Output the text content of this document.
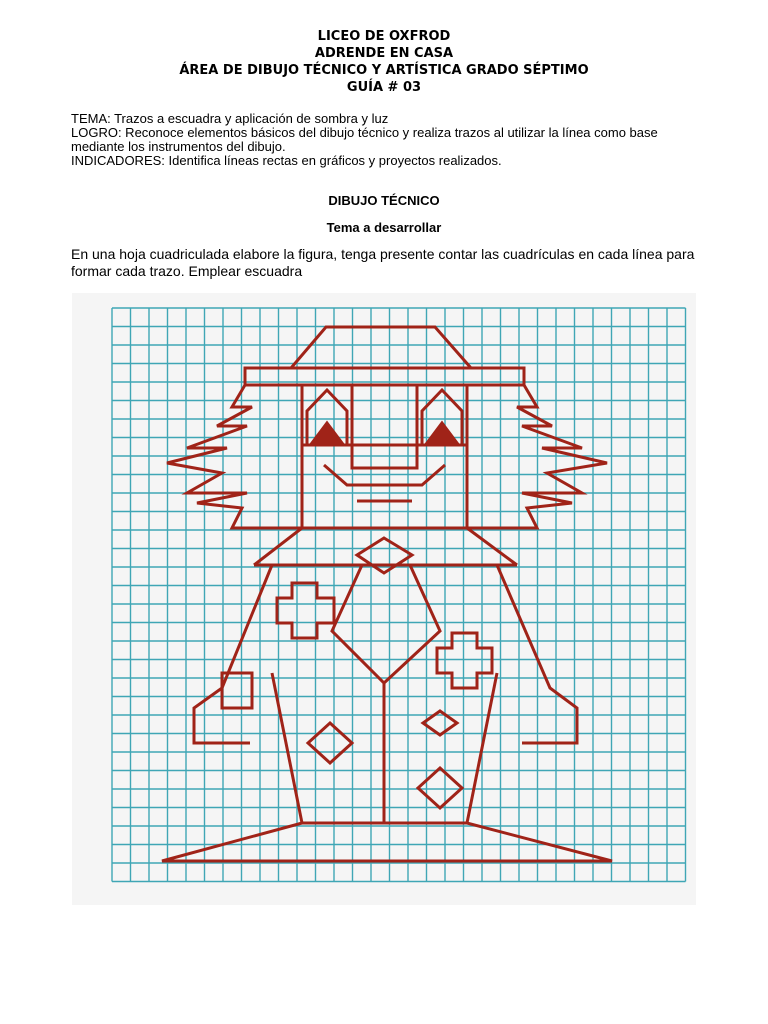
LICEO DE OXFROD
ADRENDE EN CASA
ÁREA DE DIBUJO TÉCNICO Y ARTÍSTICA GRADO SÉPTIMO
GUÍA # 03
TEMA: Trazos a escuadra y aplicación de sombra y luz
LOGRO: Reconoce elementos básicos del dibujo técnico y realiza trazos al utilizar la línea como base
mediante los instrumentos del dibujo.
INDICADORES: Identifica líneas rectas en gráficos y proyectos realizados.
DIBUJO TÉCNICO
Tema a desarrollar
En una hoja cuadriculada elabore la figura, tenga presente contar las cuadrículas en cada línea para formar cada trazo. Emplear escuadra
